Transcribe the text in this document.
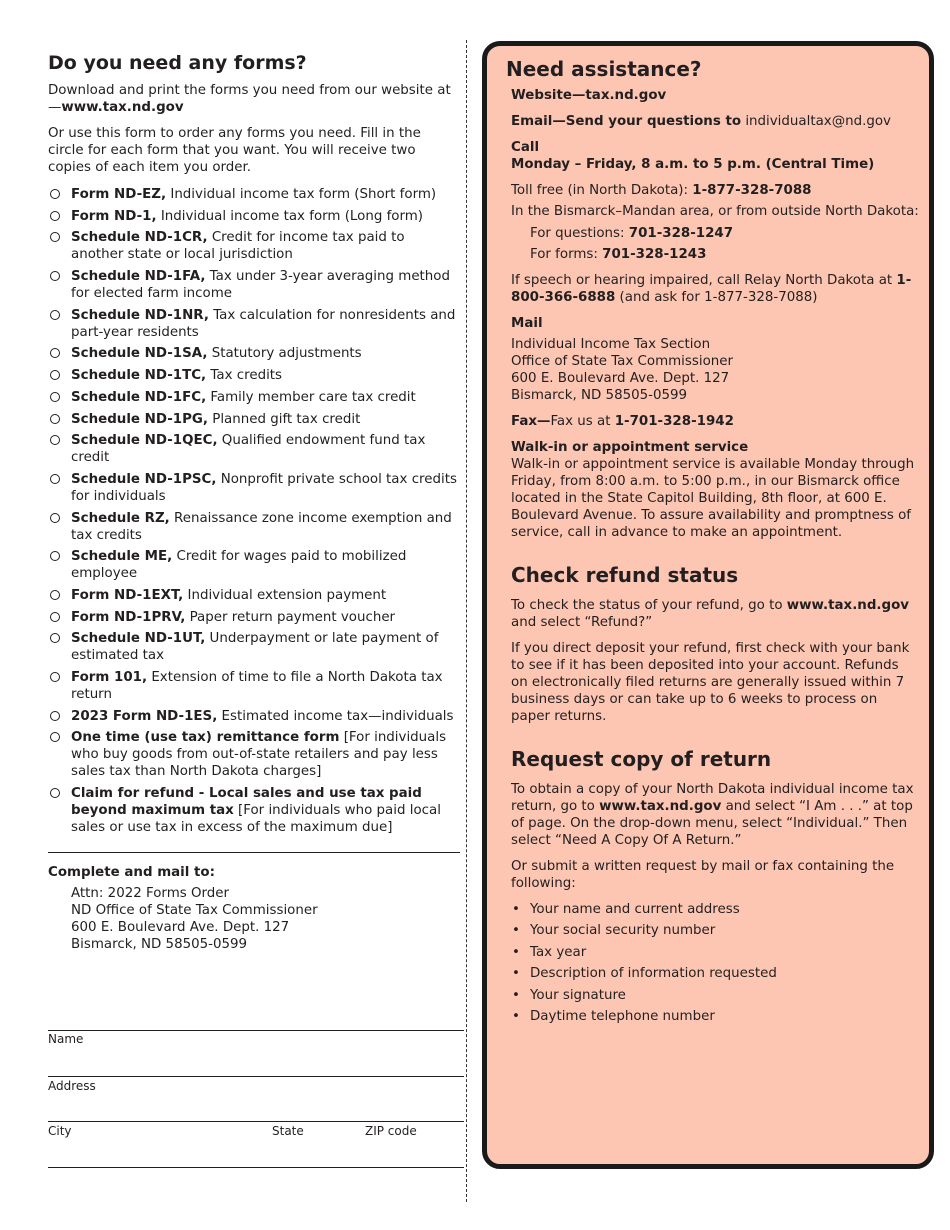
Do you need any forms?

Download and print the forms you need from our website at—www.tax.nd.gov

Or use this form to order any forms you need. Fill in the circle for each form that you want. You will receive two copies of each item you order.

Form ND-EZ, Individual income tax form (Short form)
Form ND-1, Individual income tax form (Long form)
Schedule ND-1CR, Credit for income tax paid to another state or local jurisdiction
Schedule ND-1FA, Tax under 3-year averaging method for elected farm income
Schedule ND-1NR, Tax calculation for nonresidents and part-year residents
Schedule ND-1SA, Statutory adjustments
Schedule ND-1TC, Tax credits
Schedule ND-1FC, Family member care tax credit
Schedule ND-1PG, Planned gift tax credit
Schedule ND-1QEC, Qualified endowment fund tax credit
Schedule ND-1PSC, Nonprofit private school tax credits for individuals
Schedule RZ, Renaissance zone income exemption and tax credits
Schedule ME, Credit for wages paid to mobilized employee
Form ND-1EXT, Individual extension payment
Form ND-1PRV, Paper return payment voucher
Schedule ND-1UT, Underpayment or late payment of estimated tax
Form 101, Extension of time to file a North Dakota tax return
2023 Form ND-1ES, Estimated income tax—individuals
One time (use tax) remittance form [For individuals who buy goods from out-of-state retailers and pay less sales tax than North Dakota charges]
Claim for refund - Local sales and use tax paid beyond maximum tax [For individuals who paid local sales or use tax in excess of the maximum due]
Complete and mail to:
Attn: 2022 Forms Order
ND Office of State Tax Commissioner
600 E. Boulevard Ave. Dept. 127
Bismarck, ND 58505-0599
Name
Address
City	State	ZIP code
Need assistance?

Website—tax.nd.gov

Email—Send your questions to individualtax@nd.gov

Call
Monday – Friday, 8 a.m. to 5 p.m. (Central Time)

Toll free (in North Dakota): 1-877-328-7088

In the Bismarck–Mandan area, or from outside North Dakota:

For questions: 701-328-1247

For forms: 701-328-1243

If speech or hearing impaired, call Relay North Dakota at 1-800-366-6888 (and ask for 1-877-328-7088)

Mail

Individual Income Tax Section
Office of State Tax Commissioner
600 E. Boulevard Ave. Dept. 127
Bismarck, ND 58505-0599

Fax—Fax us at 1-701-328-1942

Walk-in or appointment service
Walk-in or appointment service is available Monday through Friday, from 8:00 a.m. to 5:00 p.m., in our Bismarck office located in the State Capitol Building, 8th floor, at 600 E. Boulevard Avenue. To assure availability and promptness of service, call in advance to make an appointment.

Check refund status

To check the status of your refund, go to www.tax.nd.gov and select “Refund?”

If you direct deposit your refund, first check with your bank to see if it has been deposited into your account. Refunds on electronically filed returns are generally issued within 7 business days or can take up to 6 weeks to process on paper returns.

Request copy of return

To obtain a copy of your North Dakota individual income tax return, go to www.tax.nd.gov and select “I Am . . .” at top of page. On the drop-down menu, select “Individual.” Then select “Need A Copy Of A Return.”

Or submit a written request by mail or fax containing the following:

• Your name and current address
• Your social security number
• Tax year
• Description of information requested
• Your signature
• Daytime telephone number
